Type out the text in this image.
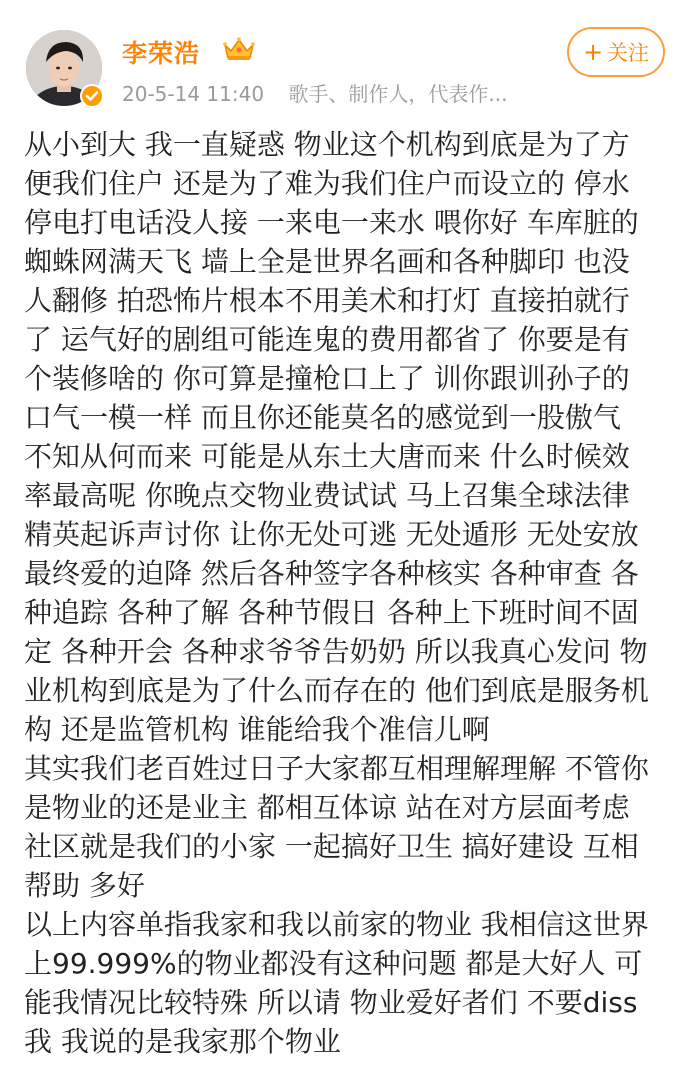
李荣浩
20-5-14 11:40 歌手、制作人，代表作...
+ 关注
从小到大 我一直疑惑 物业这个机构到底是为了方
便我们住户 还是为了难为我们住户而设立的 停水
停电打电话没人接 一来电一来水 喂你好 车库脏的
蜘蛛网满天飞 墙上全是世界名画和各种脚印 也没
人翻修 拍恐怖片根本不用美术和打灯 直接拍就行
了 运气好的剧组可能连鬼的费用都省了 你要是有
个装修啥的 你可算是撞枪口上了 训你跟训孙子的
口气一模一样 而且你还能莫名的感觉到一股傲气
不知从何而来 可能是从东土大唐而来 什么时候效
率最高呢 你晚点交物业费试试 马上召集全球法律
精英起诉声讨你 让你无处可逃 无处遁形 无处安放
最终爱的迫降 然后各种签字各种核实 各种审查 各
种追踪 各种了解 各种节假日 各种上下班时间不固
定 各种开会 各种求爷爷告奶奶 所以我真心发问 物
业机构到底是为了什么而存在的 他们到底是服务机
构 还是监管机构 谁能给我个准信儿啊
其实我们老百姓过日子大家都互相理解理解 不管你
是物业的还是业主 都相互体谅 站在对方层面考虑
社区就是我们的小家 一起搞好卫生 搞好建设 互相
帮助 多好
以上内容单指我家和我以前家的物业 我相信这世界
上99.999%的物业都没有这种问题 都是大好人 可
能我情况比较特殊 所以请 物业爱好者们 不要diss
我 我说的是我家那个物业
